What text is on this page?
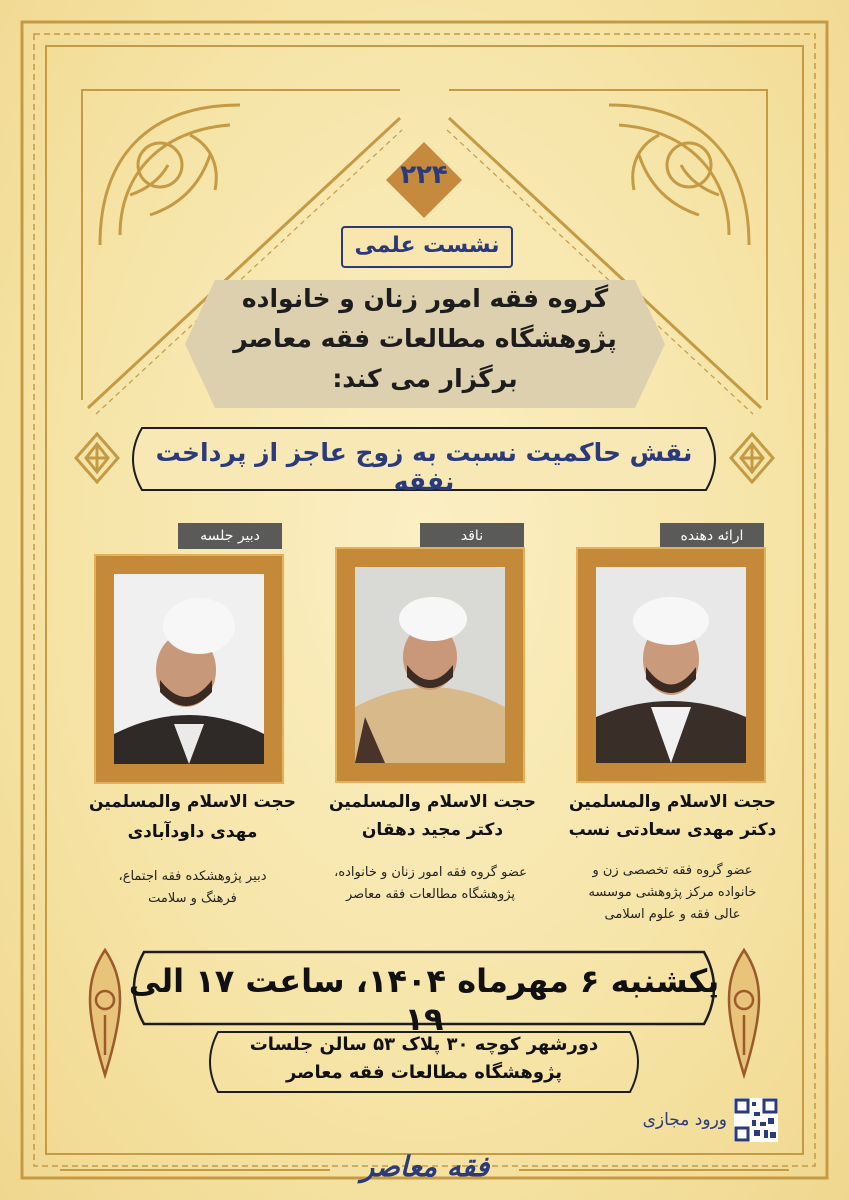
۲۲۴
نشست علمی
گروه فقه امور زنان و خانواده
پژوهشگاه مطالعات فقه معاصر
برگزار می کند:
نقش حاکمیت نسبت به زوج عاجز از پرداخت نفقه
ارائه دهنده
حجت الاسلام والمسلمین
دکتر مهدی سعادتی نسب
عضو گروه فقه تخصصی زن و
خانواده مرکز پژوهشی موسسه
عالی فقه و علوم اسلامی
ناقد
حجت الاسلام والمسلمین
دکتر مجید دهقان
عضو گروه فقه امور زنان و خانواده،
پژوهشگاه مطالعات فقه معاصر
دبیر جلسه
حجت الاسلام والمسلمین
مهدی داودآبادی
دبیر پژوهشکده فقه اجتماع،
فرهنگ و سلامت
یکشنبه ۶ مهرماه ۱۴۰۴، ساعت ۱۷ الی ۱۹
دورشهر کوچه ۳۰ پلاک ۵۳ سالن جلسات
پژوهشگاه مطالعات فقه معاصر
ورود مجازی
فقه معاصر
